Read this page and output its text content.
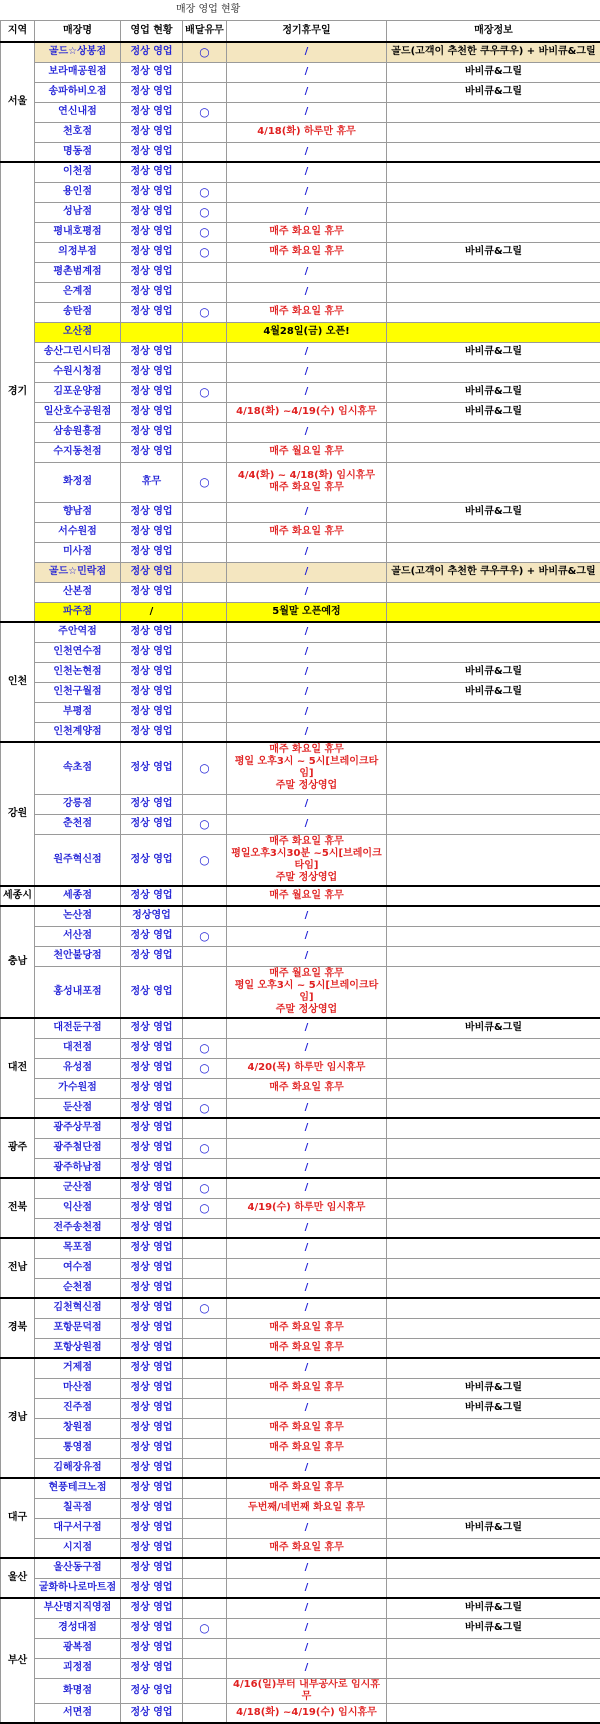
매장 영업 현황
지역	매장명	영업 현황	배달유무	정기휴무일	매장정보
서울	골드☆상봉점	정상 영업	○	/	골드(고객이 추천한 쿠우쿠우) + 바비큐&그릴
	보라매공원점	정상 영업		/	바비큐&그릴
	송파하비오점	정상 영업		/	바비큐&그릴
	연신내점	정상 영업	○	/	
	천호점	정상 영업		4/18(화) 하루만 휴무	
	명동점	정상 영업		/	
경기	이천점	정상 영업		/	
	용인점	정상 영업	○	/	
	성남점	정상 영업	○	/	
	평내호평점	정상 영업	○	매주 화요일 휴무	
	의정부점	정상 영업	○	매주 화요일 휴무	바비큐&그릴
	평촌범계점	정상 영업		/	
	은계점	정상 영업		/	
	송탄점	정상 영업	○	매주 화요일 휴무	
	오산점			4월28일(금) 오픈!	
	송산그린시티점	정상 영업		/	바비큐&그릴
	수원시청점	정상 영업		/	
	김포운양점	정상 영업	○	/	바비큐&그릴
	일산호수공원점	정상 영업		4/18(화) ~4/19(수) 임시휴무	바비큐&그릴
	삼송원흥점	정상 영업		/	
	수지동천점	정상 영업		매주 월요일 휴무	
	화정점	휴무	○	4/4(화) ~ 4/18(화) 임시휴무
매주 화요일 휴무	
	향남점	정상 영업		/	바비큐&그릴
	서수원점	정상 영업		매주 화요일 휴무	
	미사점	정상 영업		/	
	골드☆민락점	정상 영업		/	골드(고객이 추천한 쿠우쿠우) + 바비큐&그릴
	산본점	정상 영업		/	
	파주점	/		5월말 오픈예정	
인천	주안역점	정상 영업		/	
	인천연수점	정상 영업		/	
	인천논현점	정상 영업		/	바비큐&그릴
	인천구월점	정상 영업		/	바비큐&그릴
	부평점	정상 영업		/	
	인천계양점	정상 영업		/	
강원	속초점	정상 영업	○	매주 화요일 휴무
평일 오후3시 ~ 5시[브레이크타임]
주말 정상영업	
	강릉점	정상 영업		/	
	춘천점	정상 영업	○	/	
	원주혁신점	정상 영업	○	매주 화요일 휴무
평일오후3시30분 ~5시[브레이크타임]
주말 정상영업	
세종시	세종점	정상 영업		매주 월요일 휴무	
충남	논산점	정상영업		/	
	서산점	정상 영업	○	/	
	천안불당점	정상 영업		/	
	홍성내포점	정상 영업		매주 월요일 휴무
평일 오후3시 ~ 5시[브레이크타임]
주말 정상영업	
대전	대전둔구점	정상 영업		/	바비큐&그릴
	대전점	정상 영업	○	/	
	유성점	정상 영업	○	4/20(목) 하루만 임시휴무	
	가수원점	정상 영업		매주 화요일 휴무	
	둔산점	정상 영업	○	/	
광주	광주상무점	정상 영업		/	
	광주첨단점	정상 영업	○	/	
	광주하남점	정상 영업		/	
전북	군산점	정상 영업	○	/	
	익산점	정상 영업	○	4/19(수) 하루만 임시휴무	
	전주송천점	정상 영업		/	
전남	목포점	정상 영업		/	
	여수점	정상 영업		/	
	순천점	정상 영업		/	
경북	김천혁신점	정상 영업	○	/	
	포항문덕점	정상 영업		매주 화요일 휴무	
	포항상원점	정상 영업		매주 화요일 휴무	
경남	거제점	정상 영업		/	
	마산점	정상 영업		매주 화요일 휴무	바비큐&그릴
	진주점	정상 영업		/	바비큐&그릴
	창원점	정상 영업		매주 화요일 휴무	
	통영점	정상 영업		매주 화요일 휴무	
	김해장유점	정상 영업		/	
대구	현풍테크노점	정상 영업		매주 화요일 휴무	
	칠곡점	정상 영업		두번째/네번째 화요일 휴무	
	대구서구점	정상 영업		/	바비큐&그릴
	시지점	정상 영업		매주 화요일 휴무	
울산	울산동구점	정상 영업		/	
	굴화하나로마트점	정상 영업		/	
부산	부산명지직영점	정상 영업		/	바비큐&그릴
	경성대점	정상 영업	○	/	바비큐&그릴
	광복점	정상 영업		/	
	괴정점	정상 영업		/	
	화명점	정상 영업		4/16(일)부터 내부공사로 임시휴무	
	서면점	정상 영업		4/18(화) ~4/19(수) 임시휴무	
